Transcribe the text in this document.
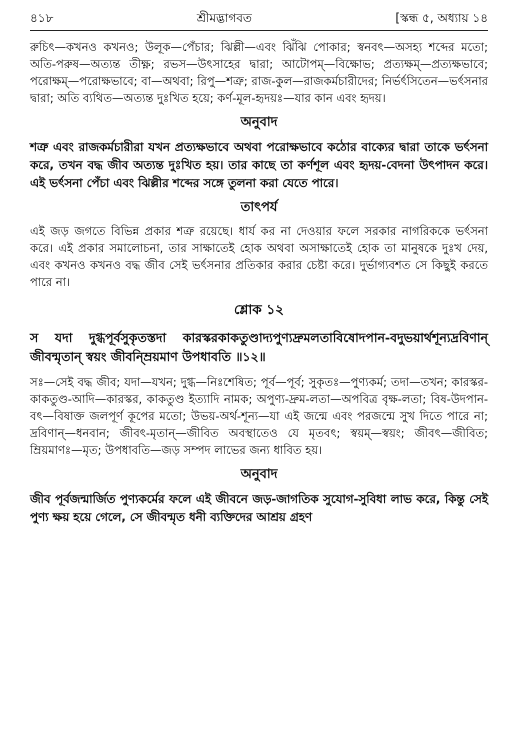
৪১৮	শ্রীমদ্ভাগবত	[স্কন্ধ ৫, অধ্যায় ১৪

রুচিৎ—কখনও কখনও; উলূক—পেঁচার; ঝিল্লী—এবং ঝিঁঝি পোকার; স্বনবৎ—অসহ্য শব্দের মতো; অতি-পরুষ—অত্যন্ত তীক্ষ্ণ; রভস—উৎসাহের দ্বারা; আটোপম্—বিক্ষোভ; প্রত্যক্ষম্—প্রত্যক্ষভাবে; পরোক্ষম্—পরোক্ষভাবে; বা—অথবা; রিপু—শত্রু; রাজ-কুল—রাজকর্মচারীদের; নির্ভর্ৎসিতেন—ভর্ৎসনার দ্বারা; অতি ব্যথিত—অত্যন্ত দুঃখিত হয়ে; কর্ণ-মূল-হৃদয়ঃ—যার কান এবং হৃদয়।

অনুবাদ

শত্রু এবং রাজকর্মচারীরা যখন প্রত্যক্ষভাবে অথবা পরোক্ষভাবে কঠোর বাক্যের দ্বারা তাকে ভর্ৎসনা করে, তখন বদ্ধ জীব অত্যন্ত দুঃখিত হয়। তার কাছে তা কর্ণশূল এবং হৃদয়-বেদনা উৎপাদন করে। এই ভর্ৎসনা পেঁচা এবং ঝিল্লীর শব্দের সঙ্গে তুলনা করা যেতে পারে।

তাৎপর্য

এই জড় জগতে বিভিন্ন প্রকার শত্রু রয়েছে। ধার্য কর না দেওয়ার ফলে সরকার নাগরিককে ভর্ৎসনা করে। এই প্রকার সমালোচনা, তার সাক্ষাতেই হোক অথবা অসাক্ষাতেই হোক তা মানুষকে দুঃখ দেয়, এবং কখনও কখনও বদ্ধ জীব সেই ভর্ৎসনার প্রতিকার করার চেষ্টা করে। দুর্ভাগ্যবশত সে কিছুই করতে পারে না।

শ্লোক ১২

স যদা দুগ্ধপূর্বসুকৃতস্তদা কারস্করকাকতুণ্ডাদ্যপুণ্যদ্রুমলতাবিষোদপান-বদুভয়ার্থশূন্যদ্রবিণান্ জীবন্মৃতান্ স্বয়ং জীবন্ম্রিয়মাণ উপধাবতি ॥১২॥

সঃ—সেই বদ্ধ জীব; যদা—যখন; দুগ্ধ—নিঃশেষিত; পূর্ব—পূর্ব; সুকৃতঃ—পুণ্যকর্ম; তদা—তখন; কারস্কর-কাকতুণ্ড-আদি—কারস্কর, কাকতুণ্ড ইত্যাদি নামক; অপুণ্য-দ্রুম-লতা—অপবিত্র বৃক্ষ-লতা; বিষ-উদপান-বৎ—বিষাক্ত জলপূর্ণ কূপের মতো; উভয়-অর্থ-শূন্য—যা এই জন্মে এবং পরজন্মে সুখ দিতে পারে না; দ্রবিণান্—ধনবান; জীবৎ-মৃতান্—জীবিত অবস্থাতেও যে মৃতবৎ; স্বয়ম্—স্বয়ং; জীবৎ—জীবিত; ম্রিয়মাণঃ—মৃত; উপধাবতি—জড় সম্পদ লাভের জন্য ধাবিত হয়।

অনুবাদ

জীব পূর্বজন্মার্জিত পুণ্যকর্মের ফলে এই জীবনে জড়-জাগতিক সুযোগ-সুবিধা লাভ করে, কিন্তু সেই পুণ্য ক্ষয় হয়ে গেলে, সে জীবন্মৃত ধনী ব্যক্তিদের আশ্রয় গ্রহণ
